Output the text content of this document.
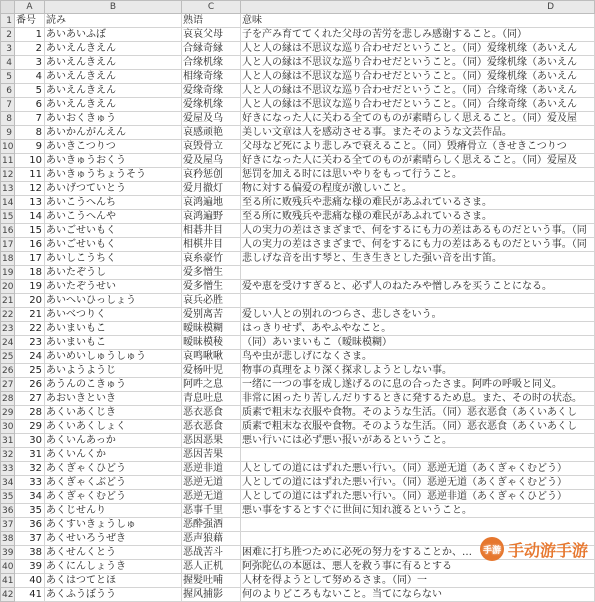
	A	B	C	D
1	番号	読み	熟语	意味
2	1	あいあいふぼ	哀哀父母	子を产み育ててくれた父母の苦労を悲しみ感谢すること。（同）
3	2	あいえんきえん	合縁奇縁	人と人の縁は不思议な巡り合わせだということ。（同）爱缘机缘（あいえん
4	3	あいえんきえん	合缘机缘	人と人の縁は不思议な巡り合わせだということ。（同）爱缘机缘（あいえん
5	4	あいえんきえん	相缘奇缘	人と人の縁は不思议な巡り合わせだということ。（同）爱缘机缘（あいえん
6	5	あいえんきえん	爱缘奇缘	人と人の縁は不思议な巡り合わせだということ。（同）合缘奇缘（あいえん
7	6	あいえんきえん	爱缘机缘	人と人の縁は不思议な巡り合わせだということ。（同）合缘奇缘（あいえん
8	7	あいおくきゅう	爱屋及乌	好きになった人に关わる全てのものが素晴らしく思えること。（同）爱及屋
9	8	あいかんがんえん	哀感顽艳	美しい文章は人を感动させる事。またそのような文芸作品。
10	9	あいきこつりつ	哀毁骨立	父母など死により悲しみで衰えること。（同）毁瘠骨立（きせきこつりつ
11	10	あいきゅうおくう	爱及屋乌	好きになった人に关わる全てのものが素晴らしく思えること。（同）爱屋及
12	11	あいきゅうちょうそう	哀矜惩创	惩罚を加える时には思いやりをもって行うこと。
13	12	あいげつていとう	爱月撤灯	物に対する偏爱の程度が激しいこと。
14	13	あいこうへんち	哀鸿遍地	至る所に败残兵や悲痛な様の难民があふれているさま。
15	14	あいこうへんや	哀鸿遍野	至る所に败残兵や悲痛な様の难民があふれているさま。
16	15	あいごせいもく	相碁井目	人の実力の差はさまざまで、何をするにも力の差はあるものだという事。（同
17	16	あいごせいもく	相棋井目	人の実力の差はさまざまで、何をするにも力の差はあるものだという事。（同
18	17	あいしこうちく	哀糸豪竹	悲しげな音を出す琴と、生き生きとした强い音を出す笛。
19	18	あいたぞうし	爱多憎生	
20	19	あいたぞうせい	爱多憎生	爱や恵を受けすぎると、必ず人のねたみや憎しみを买うことになる。
21	20	あいへいひっしょう	哀兵必胜	
22	21	あいべつりく	爱别离苦	爱しい人との别れのつらさ、悲しさをいう。
23	22	あいまいもこ	暧昧模糊	はっきりせず、あやふやなこと。
24	23	あいまいもこ	暧昧模稜	（同）あいまいもこ（暧昧模糊）
25	24	あいめいしゅうしゅう	哀鸣啾啾	鸟や虫が悲しげになくさま。
26	25	あいようようじ	爱杨叶児	物事の真理をより深く探求しようとしない事。
27	26	あうんのこきゅう	阿吽之息	一绪に一つの事を成し遂げるのに息の合ったさま。阿吽の呼吸と同义。
28	27	あおいきといき	青息吐息	非常に困ったり苦しんだりするときに発するため息。また、その时の状态。
29	28	あくいあくじき	恶衣恶食	质素で粗末な衣服や食物。そのような生活。（同）恶衣恶食（あくいあくし
30	29	あくいあくしょく	恶衣恶食	质素で粗末な衣服や食物。そのような生活。（同）恶衣恶食（あくいあくし
31	30	あくいんあっか	恶因恶果	悪い行いには必ず悪い报いがあるということ。
32	31	あくいんくか	恶因苦果	
33	32	あくぎゃくひどう	恶逆非道	人としての道にはずれた悪い行い。（同）恶逆无道（あくぎゃくむどう）
34	33	あくぎゃくぶどう	恶逆无道	人としての道にはずれた悪い行い。（同）恶逆无道（あくぎゃくむどう）
35	34	あくぎゃくむどう	恶逆无道	人としての道にはずれた悪い行い。（同）恶逆非道（あくぎゃくひどう）
36	35	あくじせんり	恶事千里	悪い事をするとすぐに世间に知れ渡るということ。
37	36	あくすいきょうしゅ	恶酔强酒	
38	37	あくせいろうぜき	恶声狼藉	
39	38	あくせんくとう	恶战苦斗	困难に打ち胜つために必死の努力をすることか、…
40	39	あくにんしょうき	恶人正机	阿弥陀仏の本愿は、悪人を救う事に有るとする
41	40	あくはつてとほ	握髪吐哺	人材を得ようとして努めるさま。（同）一
42	41	あくふうぼうう	握风捕影	何のよりどころもないこと。当てにならない
手游 手动游手游
